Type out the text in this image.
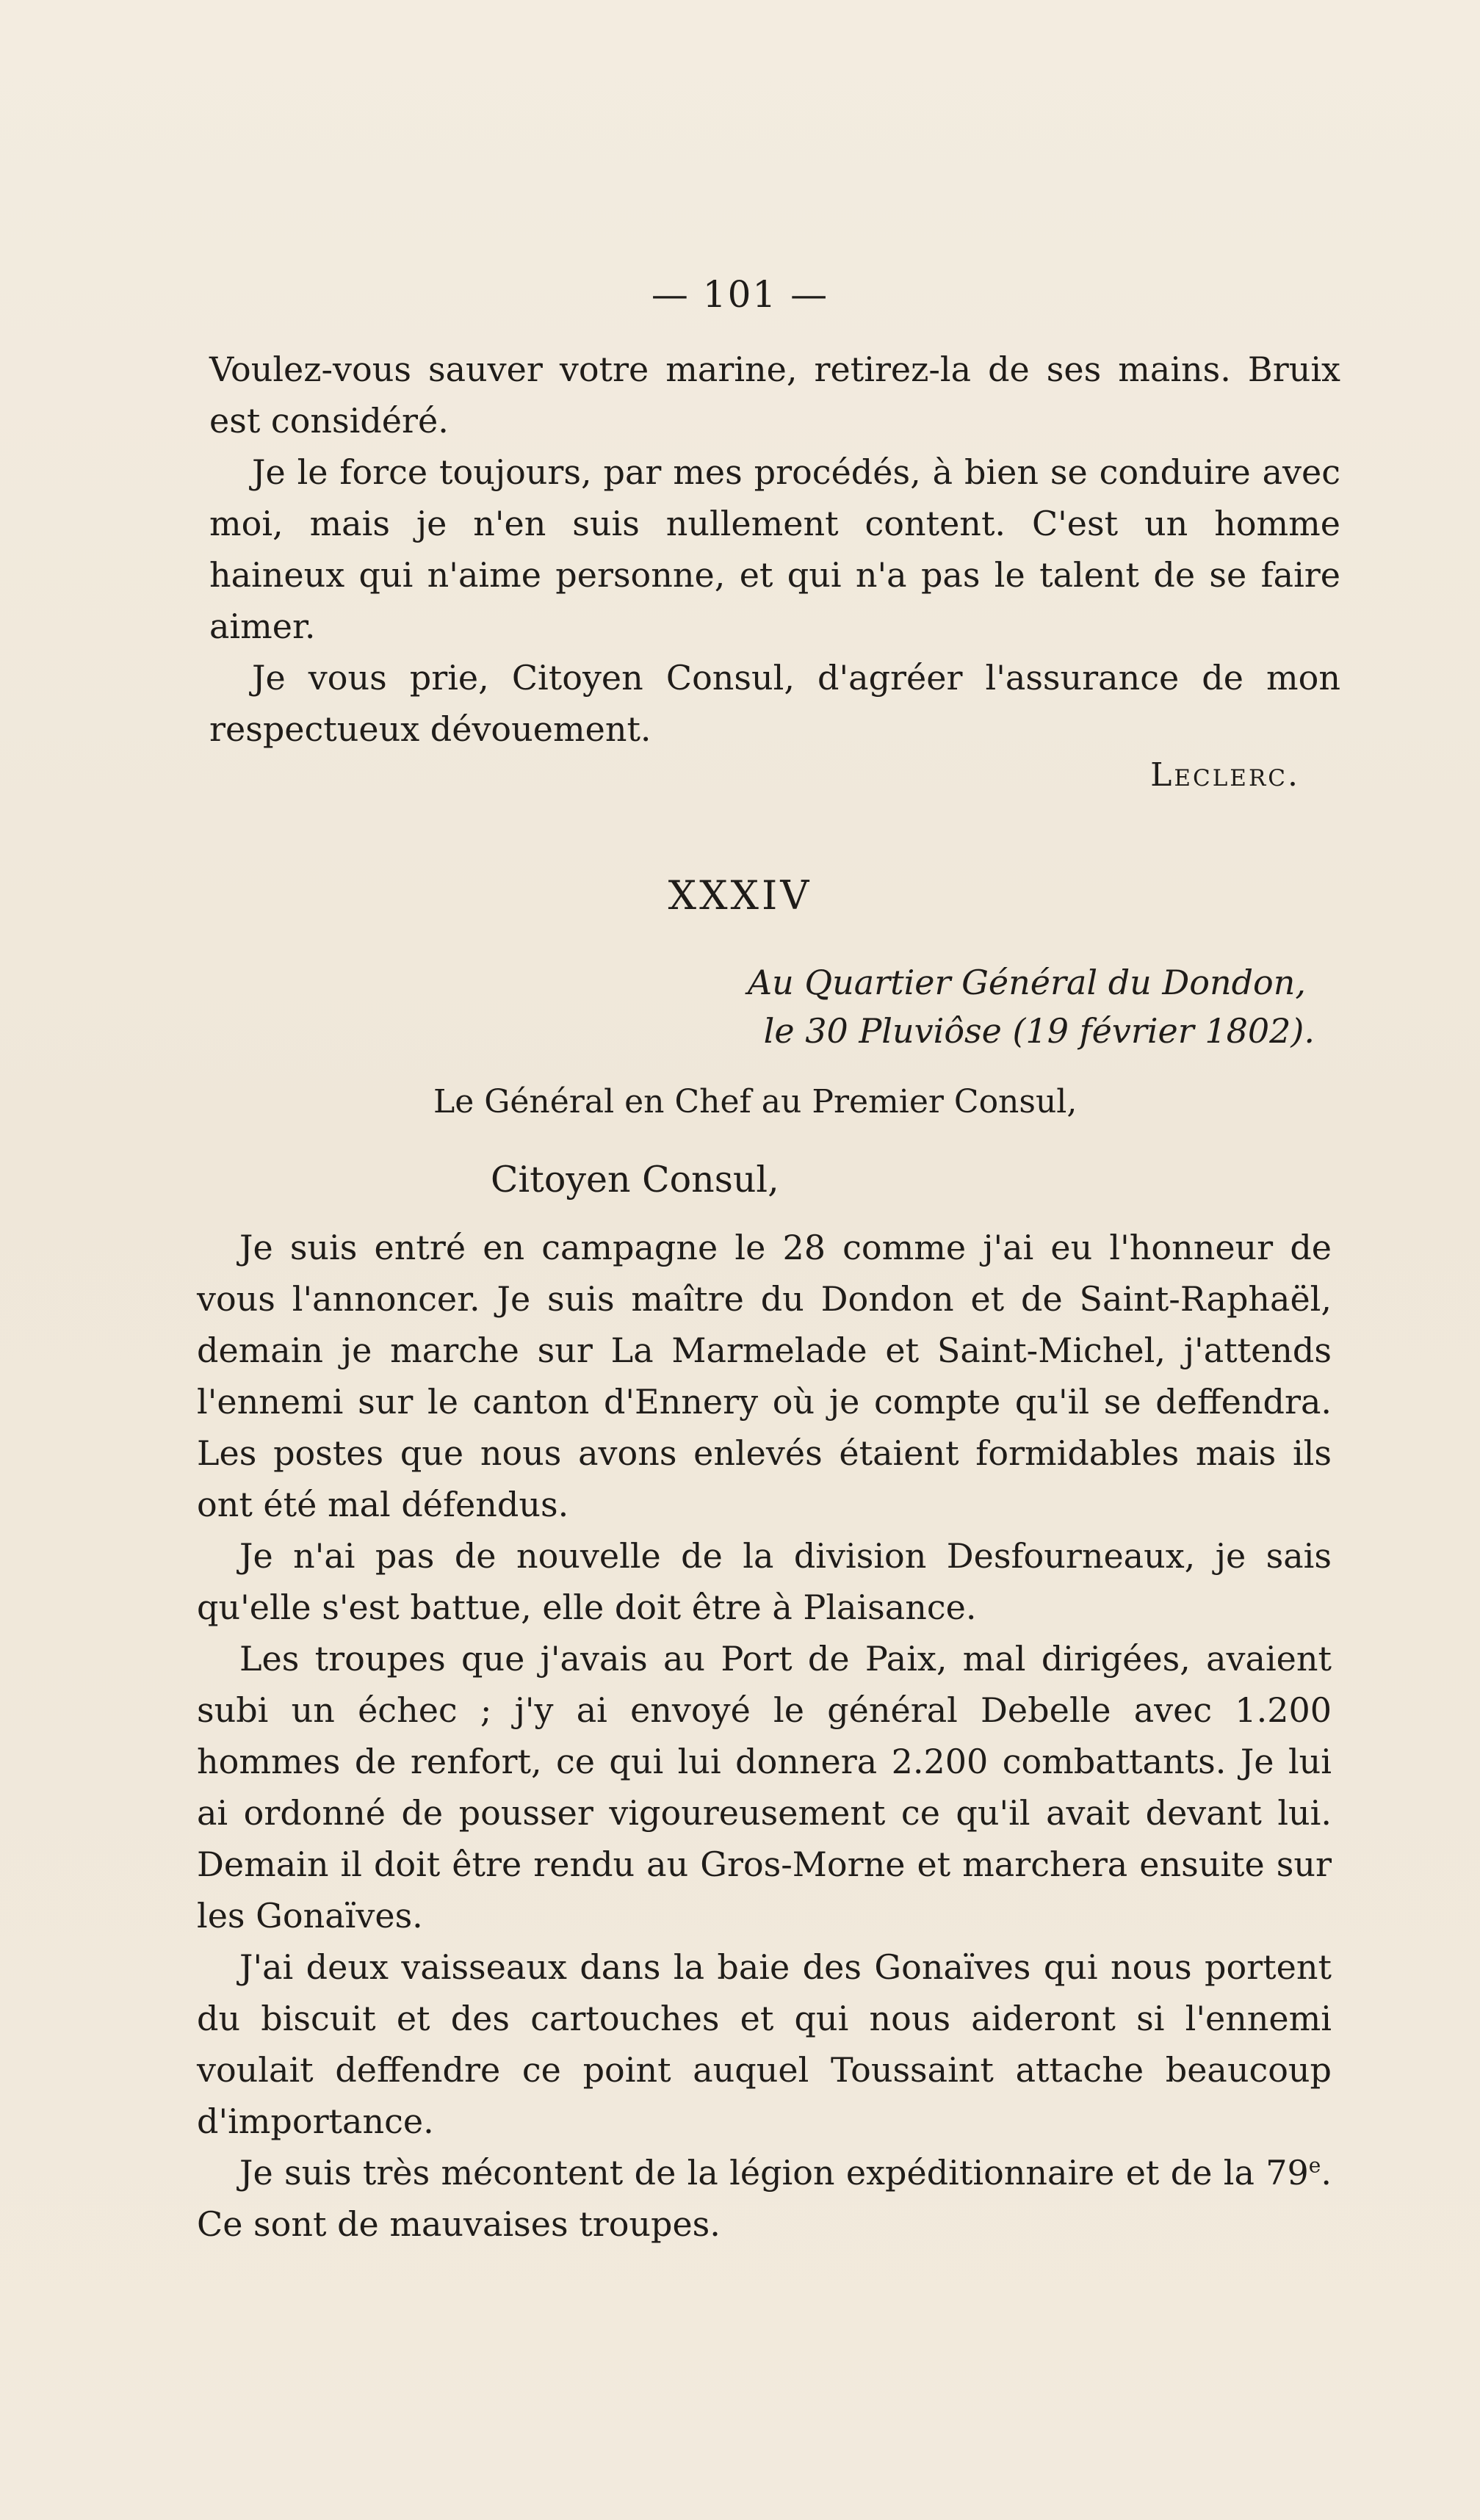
— 101 —

Voulez-vous sauver votre marine, retirez-la de ses mains. Bruix est considéré.

Je le force toujours, par mes procédés, à bien se conduire avec moi, mais je n'en suis nullement content. C'est un homme haineux qui n'aime personne, et qui n'a pas le talent de se faire aimer.

Je vous prie, Citoyen Consul, d'agréer l'assurance de mon respectueux dévouement.

Leclerc.
XXXIV
Au Quartier Général du Dondon,
le 30 Pluviôse (19 février 1802).
Le Général en Chef au Premier Consul,
Citoyen Consul,

Je suis entré en campagne le 28 comme j'ai eu l'honneur de vous l'annoncer. Je suis maître du Dondon et de Saint-Raphaël, demain je marche sur La Marmelade et Saint-Michel, j'attends l'ennemi sur le canton d'Ennery où je compte qu'il se deffendra. Les postes que nous avons enlevés étaient formidables mais ils ont été mal défendus.

Je n'ai pas de nouvelle de la division Desfourneaux, je sais qu'elle s'est battue, elle doit être à Plaisance.

Les troupes que j'avais au Port de Paix, mal dirigées, avaient subi un échec ; j'y ai envoyé le général Debelle avec 1.200 hommes de renfort, ce qui lui donnera 2.200 combattants. Je lui ai ordonné de pousser vigoureusement ce qu'il avait devant lui. Demain il doit être rendu au Gros-Morne et marchera ensuite sur les Gonaïves.

J'ai deux vaisseaux dans la baie des Gonaïves qui nous portent du biscuit et des cartouches et qui nous aideront si l'ennemi voulait deffendre ce point auquel Toussaint attache beaucoup d'importance.

Je suis très mécontent de la légion expéditionnaire et de la 79e. Ce sont de mauvaises troupes.
